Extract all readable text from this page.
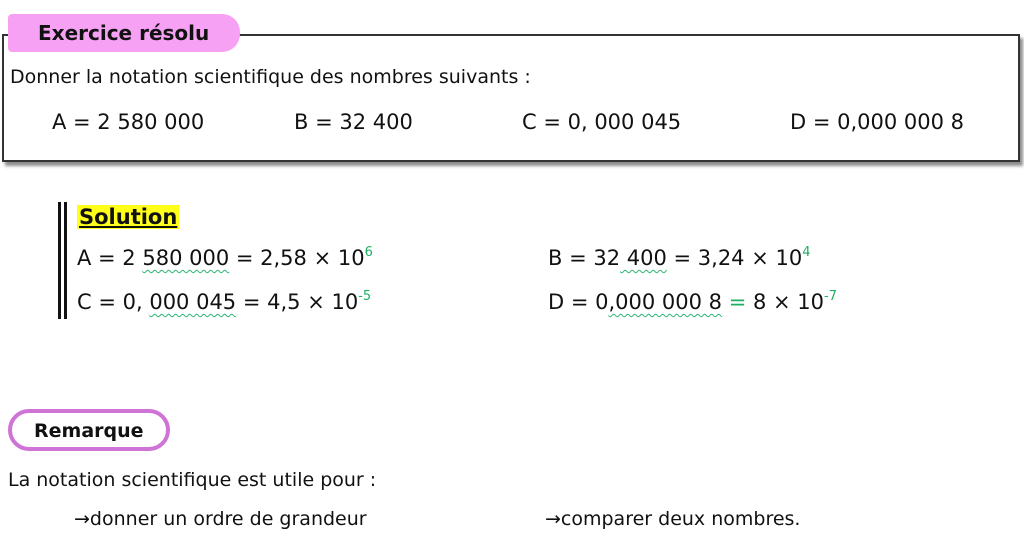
Exercice résolu
Donner la notation scientifique des nombres suivants :
A = 2 580 000	B = 32 400	C = 0, 000 045	D = 0,000 000 8
Solution
A = 2 580 $000 = 2,58 \times 10^6$	B = 32 $400 = 3,24 \times 10^4$
C = 0, 000 $045 = 4,5 \times 10^{-5}$	D = 0,000 000 $8 = 8 \times 10^{-7}$
Remarque
La notation scientifique est utile pour :
→donner un ordre de grandeur	→comparer deux nombres.
